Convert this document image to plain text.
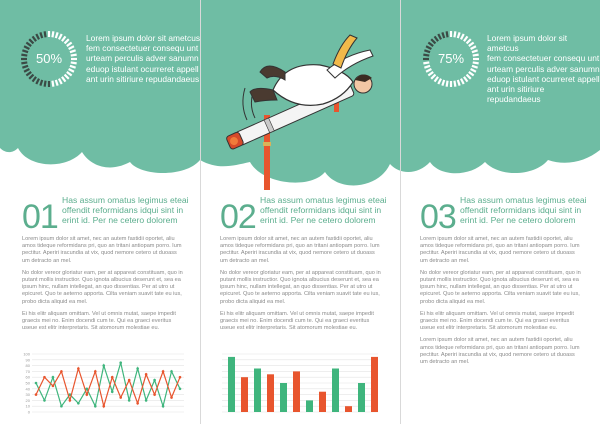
50%	75%
Lorem ipsum dolor sit ametcus
fem consectetuer consequ unt
urteam perculis adver sanumn
eduop istulant ocurreret appell
ant urin sitiriure repudandaeus
Lorem ipsum dolor sit ametcus
fem consectetuer consequ unt
urteam perculis adver sanumn
eduop istulant ocurreret appell
ant urin sitiriure repudandaeus
01 Has assum omatus legimus eteai
offendit reformidans idqui sint in
erint id. Per ne cetero dolorem

Lorem ipsum dolor sit amet, nec an autem fastidii oportet, aliu amos tideque reformidans pri, quo an tritani antiopam porro. Ium pectitur. Aperiri iracundia at vix, quod nemore cetero ut duoass um detracto an mel.

No dolor vereor gloriatur eam, per at appareat constituam, quo in putant mollis instructior. Quo ignota albucius deserunt et, sea ea ipsum hinc, nullam intellegat, an quo dissentias. Per at utro ut epicuret. Quo te aeterno apporta. Cilta veniam suavit tate eu ius, probo dicta aliquid ea mel.

Ei his elitr aliquam omittam. Vel ut omnis mutat, saepe impedit graecis mei no. Enim docendi cum te. Qui ea graeci everitus useue est elitr interpretaris. Sit atomorum molestiae eu.

02 Has assum omatus legimus eteai
offendit reformidans idqui sint in
erint id. Per ne cetero dolorem

Lorem ipsum dolor sit amet, nec an autem fastidii oportet, aliu amos tideque reformidans pri, quo an tritani antiopam porro. Ium pectitur. Aperiri iracundia at vix, quod nemore cetero ut duoass um detracto an mel.

No dolor vereor gloriatur eam, per at appareat constituam, quo in putant mollis instructior. Quo ignota albucius deserunt et, sea ea ipsum hinc, nullam intellegat, an quo dissentias. Per at utro ut epicuret. Quo te aeterno apporta. Cilta veniam suavit tate eu ius, probo dicta aliquid ea mel.

Ei his elitr aliquam omittam. Vel ut omnis mutat, saepe impedit graecis mei no. Enim docendi cum te. Qui ea graeci everitus useue est elitr interpretaris. Sit atomorum molestiae eu.

03 Has assum omatus legimus eteai
offendit reformidans idqui sint in
erint id. Per ne cetero dolorem

Lorem ipsum dolor sit amet, nec an autem fastidii oportet, aliu amos tideque reformidans pri, quo an tritani antiopam porro. Ium pectitur. Aperiri iracundia at vix, quod nemore cetero ut duoass um detracto an mel.

No dolor vereor gloriatur eam, per at appareat constituam, quo in putant mollis instructior. Quo ignota albucius deserunt et, sea ea ipsum hinc, nullam intellegat, an quo dissentias. Per at utro ut epicuret. Quo te aeterno apporta. Cilta veniam suavit tate eu ius, probo dicta aliquid ea mel.

Ei his elitr aliquam omittam. Vel ut omnis mutat, saepe impedit graecis mei no. Enim docendi cum te. Qui ea graeci everitus useue est elitr interpretaris. Sit atomorum molestiae eu.

Lorem ipsum dolor sit amet, nec an autem fastidii oportet, aliu amos tideque reformidans pri, quo an tritani antiopam porro. Ium pectitur. Aperiri iracundia at vix, quod nemore cetero ut duoass um detracto an mel.

0
10
20
30
40
50
60
70
80
90
100
